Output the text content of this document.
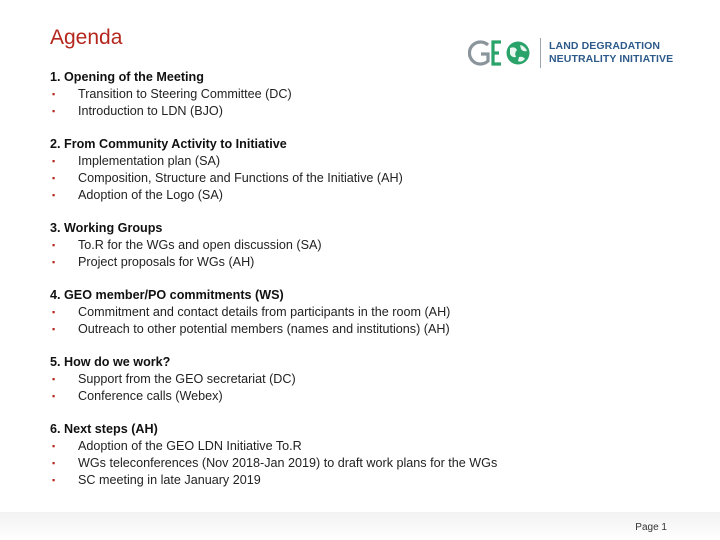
Agenda	LAND DEGRADATION
NEUTRALITY INITIATIVE
1. Opening of the Meeting
▪ Transition to Steering Committee (DC)
▪ Introduction to LDN (BJO)
2. From Community Activity to Initiative
▪ Implementation plan (SA)
▪ Composition, Structure and Functions of the Initiative (AH)
▪ Adoption of the Logo (SA)
3. Working Groups
▪ To.R for the WGs and open discussion (SA)
▪ Project proposals for WGs (AH)
4. GEO member/PO commitments (WS)
▪ Commitment and contact details from participants in the room (AH)
▪ Outreach to other potential members (names and institutions) (AH)
5. How do we work?
▪ Support from the GEO secretariat (DC)
▪ Conference calls (Webex)
6. Next steps (AH)
▪ Adoption of the GEO LDN Initiative To.R
▪ WGs teleconferences (Nov 2018-Jan 2019) to draft work plans for the WGs
▪ SC meeting in late January 2019
Page 1
